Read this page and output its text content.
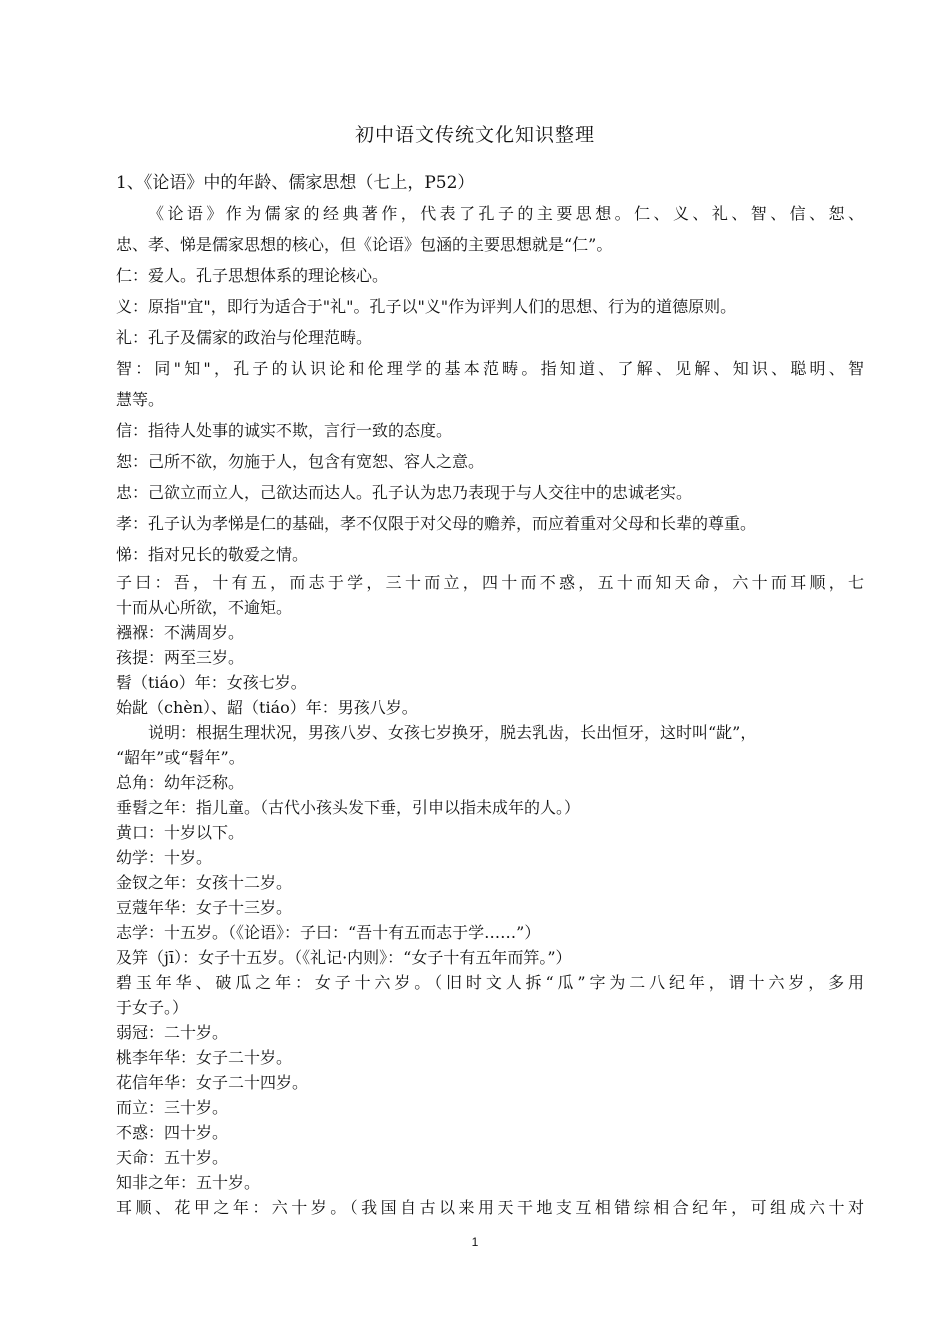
初中语文传统文化知识整理
1、《论语》中的年龄、儒家思想（七上，P52）
《论语》作为儒家的经典著作，代表了孔子的主要思想。仁、义、礼、智、信、恕、
忠、孝、悌是儒家思想的核心，但《论语》包涵的主要思想就是“仁”。
仁：爱人。孔子思想体系的理论核心。
义：原指"宜"，即行为适合于"礼"。孔子以"义"作为评判人们的思想、行为的道德原则。
礼：孔子及儒家的政治与伦理范畴。
智：同"知"，孔子的认识论和伦理学的基本范畴。指知道、了解、见解、知识、聪明、智
慧等。
信：指待人处事的诚实不欺，言行一致的态度。
恕：己所不欲，勿施于人，包含有宽恕、容人之意。
忠：己欲立而立人，己欲达而达人。孔子认为忠乃表现于与人交往中的忠诚老实。
孝：孔子认为孝悌是仁的基础，孝不仅限于对父母的赡养，而应着重对父母和长辈的尊重。
悌：指对兄长的敬爱之情。
子曰：吾，十有五，而志于学，三十而立，四十而不惑，五十而知天命，六十而耳顺，七
十而从心所欲，不逾矩。
襁褓：不满周岁。
孩提：两至三岁。
髫（tiáo）年：女孩七岁。
始龀（chèn）、龆（tiáo）年：男孩八岁。
说明：根据生理状况，男孩八岁、女孩七岁换牙，脱去乳齿，长出恒牙，这时叫“龀”，
“龆年”或“髫年”。
总角：幼年泛称。
垂髫之年：指儿童。（古代小孩头发下垂，引申以指未成年的人。）
黄口：十岁以下。
幼学：十岁。
金钗之年：女孩十二岁。
豆蔻年华：女子十三岁。
志学：十五岁。（《论语》：子曰：“吾十有五而志于学……”）
及笄（jī）：女子十五岁。（《礼记·内则》：“女子十有五年而笄。”）
碧玉年华、破瓜之年：女子十六岁。（旧时文人拆“瓜”字为二八纪年，谓十六岁，多用
于女子。）
弱冠：二十岁。
桃李年华：女子二十岁。
花信年华：女子二十四岁。
而立：三十岁。
不惑：四十岁。
天命：五十岁。
知非之年：五十岁。
耳顺、花甲之年：六十岁。（我国自古以来用天干地支互相错综相合纪年，可组成六十对
1
